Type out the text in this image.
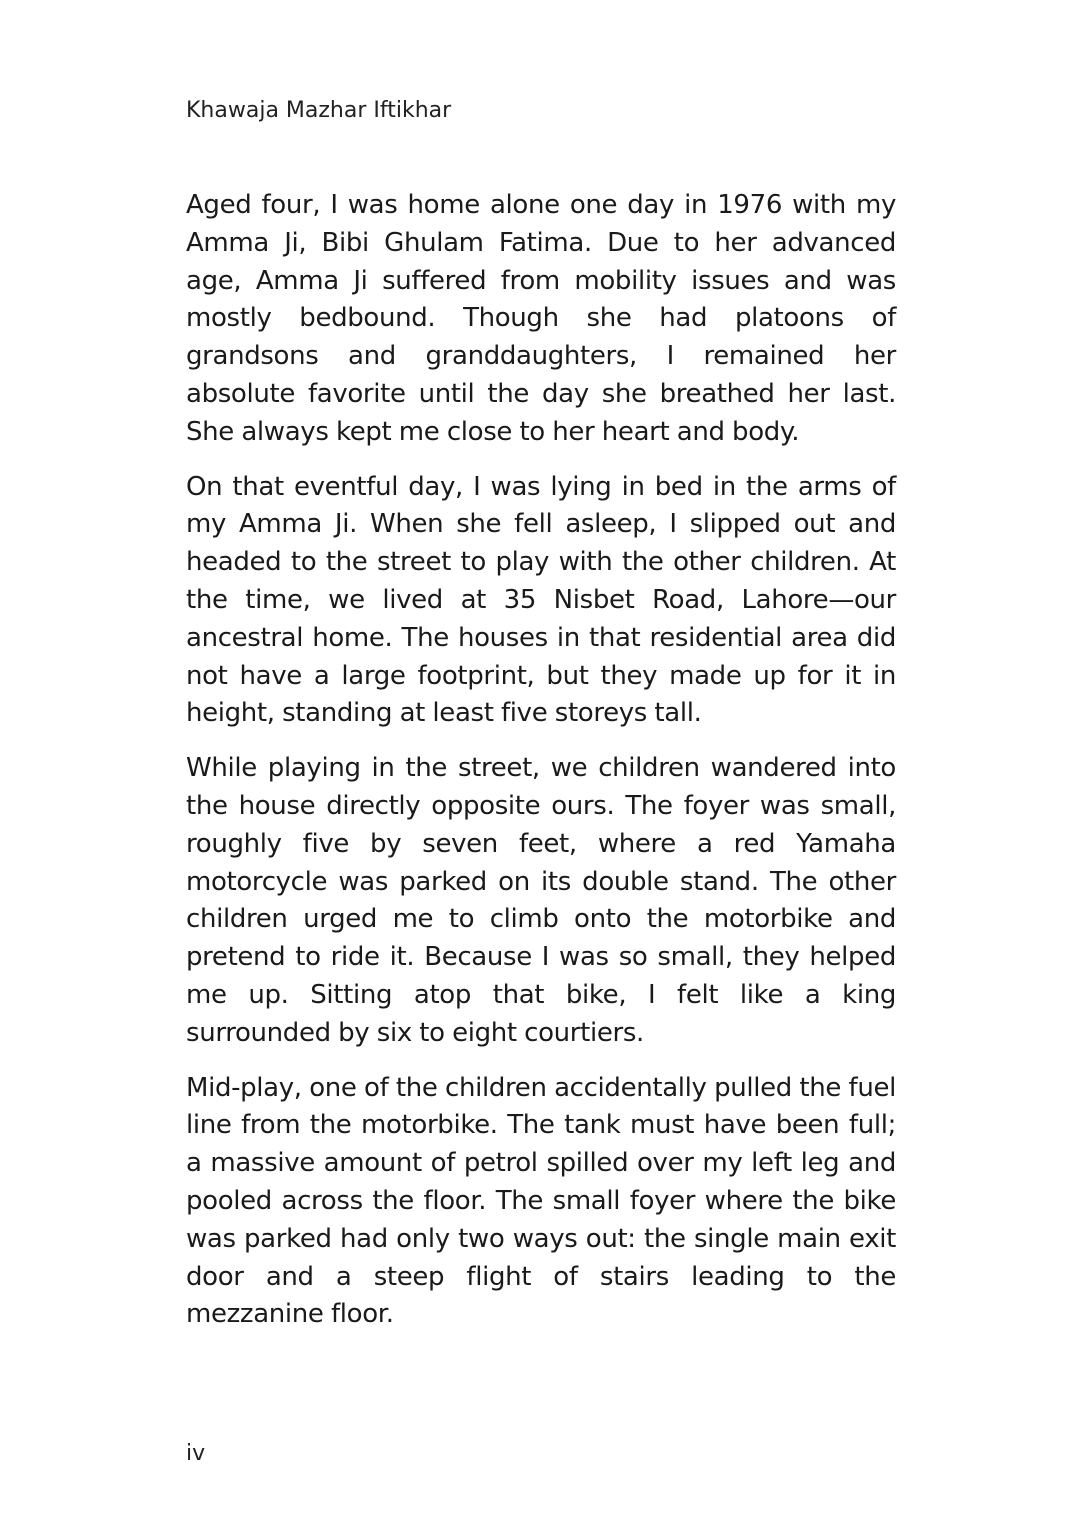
Khawaja Mazhar Iftikhar

Aged four, I was home alone one day in 1976 with my Amma Ji, Bibi Ghulam Fatima. Due to her advanced age, Amma Ji suffered from mobility issues and was mostly bedbound. Though she had platoons of grandsons and granddaughters, I remained her absolute favorite until the day she breathed her last. She always kept me close to her heart and body.

On that eventful day, I was lying in bed in the arms of my Amma Ji. When she fell asleep, I slipped out and headed to the street to play with the other children. At the time, we lived at 35 Nisbet Road, Lahore—our ancestral home. The houses in that residential area did not have a large footprint, but they made up for it in height, standing at least five storeys tall.

While playing in the street, we children wandered into the house directly opposite ours. The foyer was small, roughly five by seven feet, where a red Yamaha motorcycle was parked on its double stand. The other children urged me to climb onto the motorbike and pretend to ride it. Because I was so small, they helped me up. Sitting atop that bike, I felt like a king surrounded by six to eight courtiers.

Mid-play, one of the children accidentally pulled the fuel line from the motorbike. The tank must have been full; a massive amount of petrol spilled over my left leg and pooled across the floor. The small foyer where the bike was parked had only two ways out: the single main exit door and a steep flight of stairs leading to the mezzanine floor.

iv
